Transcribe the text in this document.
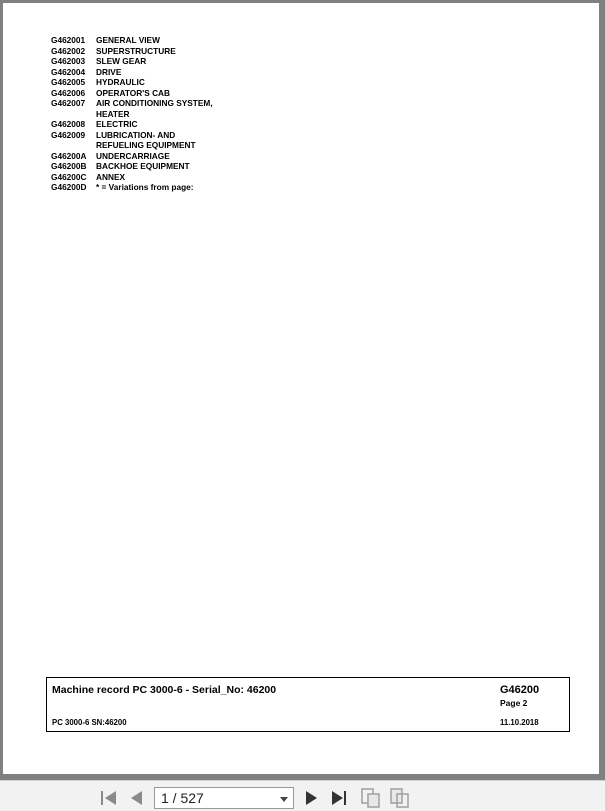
G462001	GENERAL VIEW
G462002	SUPERSTRUCTURE
G462003	SLEW GEAR
G462004	DRIVE
G462005	HYDRAULIC
G462006	OPERATOR'S CAB
G462007	AIR CONDITIONING SYSTEM, HEATER
G462008	ELECTRIC
G462009	LUBRICATION- AND REFUELING EQUIPMENT
G46200A	UNDERCARRIAGE
G46200B	BACKHOE EQUIPMENT
G46200C	ANNEX
G46200D	* = Variations from page:
Machine record PC 3000-6 - Serial_No: 46200	G46200
Page 2
PC 3000-6 SN:46200	11.10.2018
1 / 527
